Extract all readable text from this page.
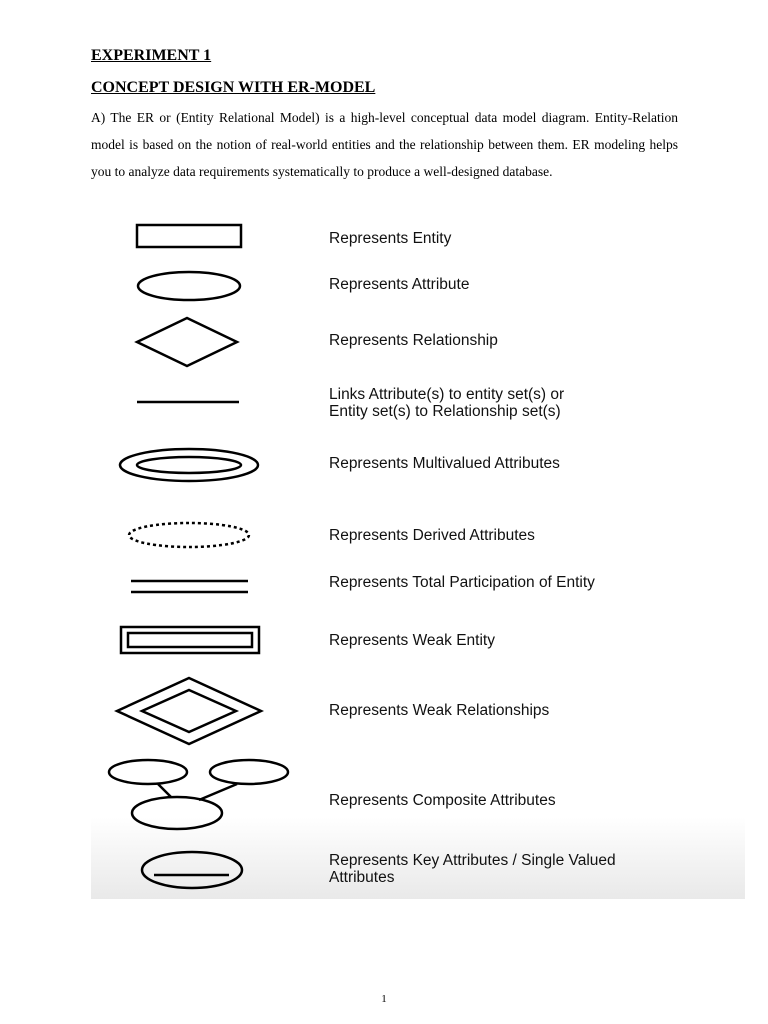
EXPERIMENT 1

CONCEPT DESIGN WITH ER-MODEL

A) The ER or (Entity Relational Model) is a high-level conceptual data model diagram. Entity-Relation model is based on the notion of real-world entities and the relationship between them. ER modeling helps you to analyze data requirements systematically to produce a well-designed database.

Represents Entity
Represents Attribute
Represents Relationship
Links Attribute(s) to entity set(s) or
Entity set(s) to Relationship set(s)
Represents Multivalued Attributes
Represents Derived Attributes
Represents Total Participation of Entity
Represents Weak Entity
Represents Weak Relationships
Represents Composite Attributes
Represents Key Attributes / Single Valued
Attributes
1
